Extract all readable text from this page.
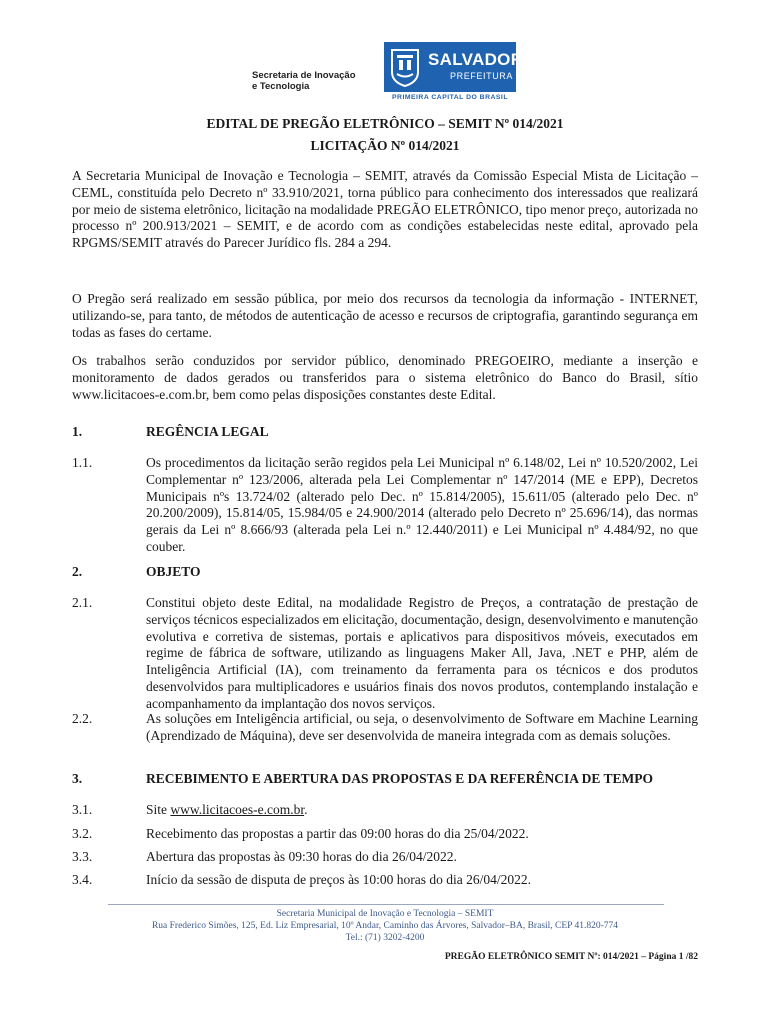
Secretaria de Inovação
e Tecnologia
SALVADOR
PREFEITURA
PRIMEIRA CAPITAL DO BRASIL
EDITAL DE PREGÃO ELETRÔNICO – SEMIT Nº 014/2021
LICITAÇÃO Nº 014/2021
A Secretaria Municipal de Inovação e Tecnologia – SEMIT, através da Comissão Especial Mista de Licitação – CEML, constituída pelo Decreto nº 33.910/2021, torna público para conhecimento dos interessados que realizará por meio de sistema eletrônico, licitação na modalidade PREGÃO ELETRÔNICO, tipo menor preço, autorizada no processo nº 200.913/2021 – SEMIT, e de acordo com as condições estabelecidas neste edital, aprovado pela RPGMS/SEMIT através do Parecer Jurídico fls. 284 a 294.
O Pregão será realizado em sessão pública, por meio dos recursos da tecnologia da informação - INTERNET, utilizando-se, para tanto, de métodos de autenticação de acesso e recursos de criptografia, garantindo segurança em todas as fases do certame.
Os trabalhos serão conduzidos por servidor público, denominado PREGOEIRO, mediante a inserção e monitoramento de dados gerados ou transferidos para o sistema eletrônico do Banco do Brasil, sítio www.licitacoes-e.com.br, bem como pelas disposições constantes deste Edital.
1.	REGÊNCIA LEGAL
1.1.	Os procedimentos da licitação serão regidos pela Lei Municipal nº 6.148/02, Lei nº 10.520/2002, Lei Complementar nº 123/2006, alterada pela Lei Complementar nº 147/2014 (ME e EPP), Decretos Municipais nºs 13.724/02 (alterado pelo Dec. nº 15.814/2005), 15.611/05 (alterado pelo Dec. nº 20.200/2009), 15.814/05, 15.984/05 e 24.900/2014 (alterado pelo Decreto nº 25.696/14), das normas gerais da Lei nº 8.666/93 (alterada pela Lei n.º 12.440/2011) e Lei Municipal nº 4.484/92, no que couber.
2.	OBJETO
2.1.	Constitui objeto deste Edital, na modalidade Registro de Preços, a contratação de prestação de serviços técnicos especializados em elicitação, documentação, design, desenvolvimento e manutenção evolutiva e corretiva de sistemas, portais e aplicativos para dispositivos móveis, executados em regime de fábrica de software, utilizando as linguagens Maker All, Java, .NET e PHP, além de Inteligência Artificial (IA), com treinamento da ferramenta para os técnicos e dos produtos desenvolvidos para multiplicadores e usuários finais dos novos produtos, contemplando instalação e acompanhamento da implantação dos novos serviços.
2.2.	As soluções em Inteligência artificial, ou seja, o desenvolvimento de Software em Machine Learning (Aprendizado de Máquina), deve ser desenvolvida de maneira integrada com as demais soluções.
3.	RECEBIMENTO E ABERTURA DAS PROPOSTAS E DA REFERÊNCIA DE TEMPO
3.1.	Site www.licitacoes-e.com.br.
3.2.	Recebimento das propostas a partir das 09:00 horas do dia 25/04/2022.
3.3.	Abertura das propostas às 09:30 horas do dia 26/04/2022.
3.4.	Início da sessão de disputa de preços às 10:00 horas do dia 26/04/2022.
Secretaria Municipal de Inovação e Tecnologia – SEMIT
Rua Frederico Simões, 125, Ed. Liz Empresarial, 10º Andar, Caminho das Árvores, Salvador–BA, Brasil, CEP 41.820-774
Tel.: (71) 3202-4200
PREGÃO ELETRÔNICO SEMIT Nº: 014/2021 – Página 1 /82
